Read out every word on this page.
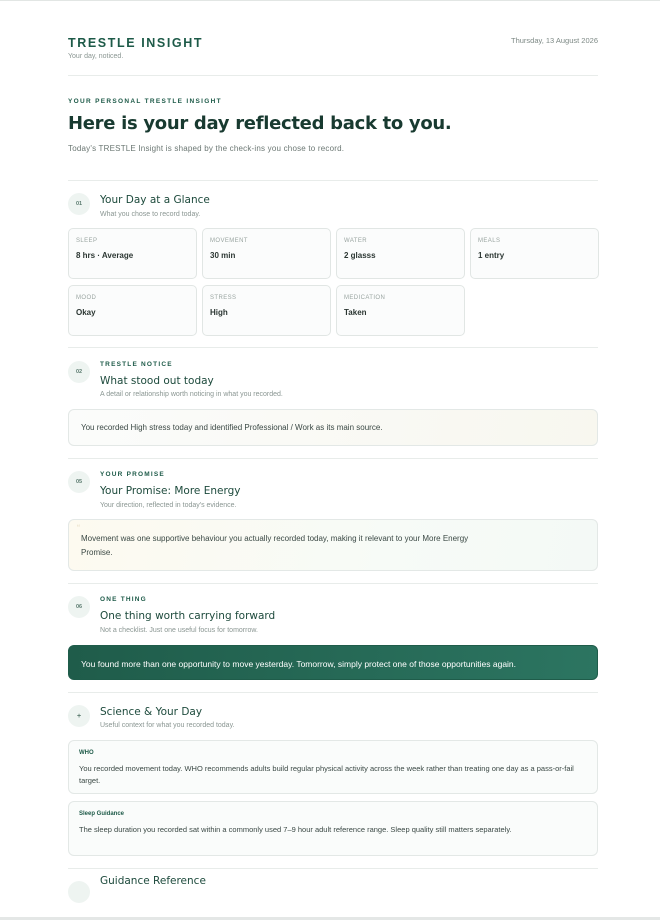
TRESTLE INSIGHT
Your day, noticed.
Thursday, 13 August 2026
YOUR PERSONAL TRESTLE INSIGHT
Here is your day reflected back to you.
Today's TRESTLE Insight is shaped by the check-ins you chose to record.
01	Your Day at a Glance
What you chose to record today.
SLEEP
8 hrs · Average
MOVEMENT
30 min
WATER
2 glasss
MEALS
1 entry
MOOD
Okay
STRESS
High
MEDICATION
Taken
02
TRESTLE NOTICE
What stood out today
A detail or relationship worth noticing in what you recorded.
You recorded High stress today and identified Professional / Work as its main source.
05
YOUR PROMISE
Your Promise: More Energy
Your direction, reflected in today's evidence.
“
Movement was one supportive behaviour you actually recorded today, making it relevant to your More Energy
Promise.
06
ONE THING
One thing worth carrying forward
Not a checklist. Just one useful focus for tomorrow.
You found more than one opportunity to move yesterday. Tomorrow, simply protect one of those opportunities again.
+	Science & Your Day
Useful context for what you recorded today.
WHO
You recorded movement today. WHO recommends adults build regular physical activity across the week rather than treating one day as a pass-or-fail target.
Sleep Guidance
The sleep duration you recorded sat within a commonly used 7–9 hour adult reference range. Sleep quality still matters separately.
Guidance Reference
